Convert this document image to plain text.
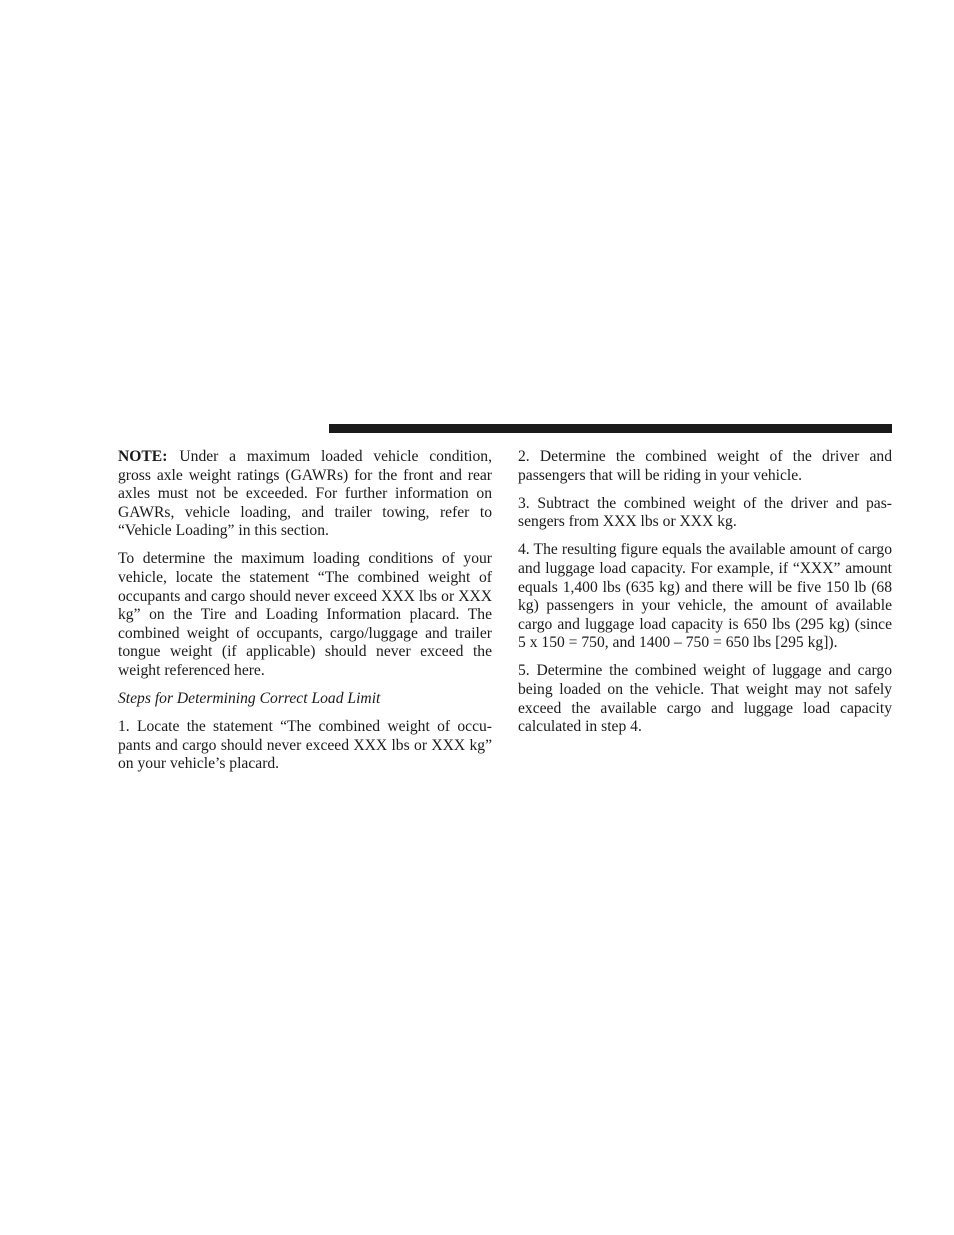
NOTE: Under a maximum loaded vehicle condition, gross axle weight ratings (GAWRs) for the front and rear axles must not be exceeded. For further information on GAWRs, vehicle loading, and trailer towing, refer to “Vehicle Loading” in this section.

To determine the maximum loading conditions of your vehicle, locate the statement “The combined weight of occupants and cargo should never exceed XXX lbs or XXX kg” on the Tire and Loading Information placard. The combined weight of occupants, cargo/luggage and trailer tongue weight (if applicable) should never exceed the weight referenced here.

Steps for Determining Correct Load Limit

1. Locate the statement “The combined weight of occupants and cargo should never exceed XXX lbs or XXX kg” on your vehicle’s placard.

2. Determine the combined weight of the driver and passengers that will be riding in your vehicle.

3. Subtract the combined weight of the driver and passengers from XXX lbs or XXX kg.

4. The resulting figure equals the available amount of cargo and luggage load capacity. For example, if “XXX” amount equals 1,400 lbs (635 kg) and there will be five 150 lb (68 kg) passengers in your vehicle, the amount of available cargo and luggage load capacity is 650 lbs (295 kg) (since 5 x 150 = 750, and 1400 – 750 = 650 lbs [295 kg]).

5. Determine the combined weight of luggage and cargo being loaded on the vehicle. That weight may not safely exceed the available cargo and luggage load capacity calculated in step 4.
